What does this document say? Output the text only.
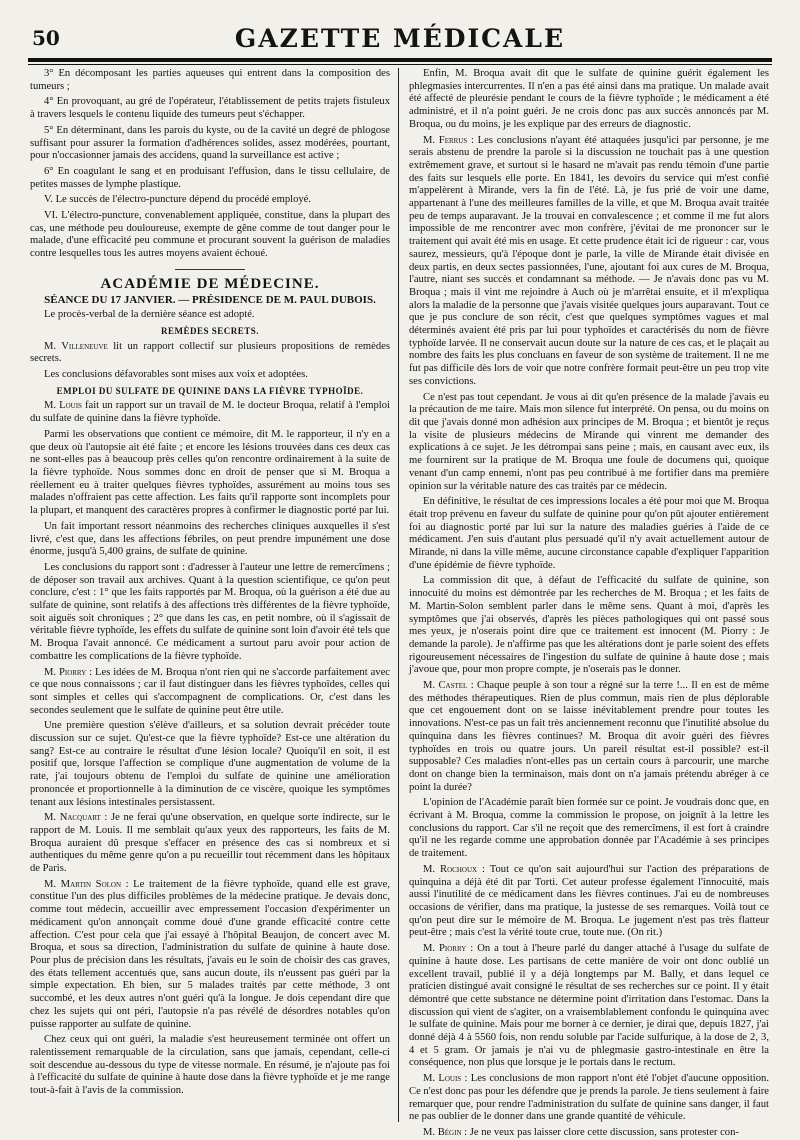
50	GAZETTE MÉDICALE

3° En décomposant les parties aqueuses qui entrent dans la composition des tumeurs ;

4° En provoquant, au gré de l'opérateur, l'établissement de petits trajets fistuleux à travers lesquels le contenu liquide des tumeurs peut s'échapper.

5° En déterminant, dans les parois du kyste, ou de la cavité un degré de phlogose suffisant pour assurer la formation d'adhérences solides, assez modérées, pourtant, pour n'occasionner jamais des accidens, quand la surveillance est active ;

6° En coagulant le sang et en produisant l'effusion, dans le tissu cellulaire, de petites masses de lymphe plastique.

V. Le succès de l'électro-puncture dépend du procédé employé.

VI. L'électro-puncture, convenablement appliquée, constitue, dans la plupart des cas, une méthode peu douloureuse, exempte de gêne comme de tout danger pour le malade, d'une efficacité peu commune et procurant souvent la guérison de maladies contre lesquelles tous les autres moyens avaient échoué.

ACADÉMIE DE MÉDECINE.

SÉANCE DU 17 JANVIER. — PRÉSIDENCE DE M. PAUL DUBOIS.

Le procès-verbal de la dernière séance est adopté.

REMÈDES SECRETS.

M. Villeneuve lit un rapport collectif sur plusieurs propositions de remèdes secrets.

Les conclusions défavorables sont mises aux voix et adoptées.

EMPLOI DU SULFATE DE QUININE DANS LA FIÈVRE TYPHOÏDE.

M. Louis fait un rapport sur un travail de M. le docteur Broqua, relatif à l'emploi du sulfate de quinine dans la fièvre typhoïde.

Parmi les observations que contient ce mémoire, dit M. le rapporteur, il n'y en a que deux où l'autopsie ait été faite ; et encore les lésions trouvées dans ces deux cas ne sont-elles pas à beaucoup près celles qu'on rencontre ordinairement à la suite de la fièvre typhoïde. Nous sommes donc en droit de penser que si M. Broqua a réellement eu à traiter quelques fièvres typhoïdes, assurément au moins tous ses malades n'offraient pas cette affection. Les faits qu'il rapporte sont incomplets pour la plupart, et manquent des caractères propres à confirmer le diagnostic porté par lui.

Un fait important ressort néanmoins des recherches cliniques auxquelles il s'est livré, c'est que, dans les affections fébriles, on peut prendre impunément une dose énorme, jusqu'à 5,400 grains, de sulfate de quinine.

Les conclusions du rapport sont : d'adresser à l'auteur une lettre de remercîmens ; de déposer son travail aux archives. Quant à la question scientifique, ce qu'on peut conclure, c'est : 1° que les faits rapportés par M. Broqua, où la guérison a été due au sulfate de quinine, sont relatifs à des affections très différentes de la fièvre typhoïde, soit aiguës soit chroniques ; 2° que dans les cas, en petit nombre, où il s'agissait de véritable fièvre typhoïde, les effets du sulfate de quinine sont loin d'avoir été tels que M. Broqua l'avait annoncé. Ce médicament a surtout paru avoir pour action de combattre les complications de la fièvre typhoïde.

M. Piorry : Les idées de M. Broqua n'ont rien qui ne s'accorde parfaitement avec ce que nous connaissons ; car il faut distinguer dans les fièvres typhoïdes, celles qui sont simples et celles qui s'accompagnent de complications. Or, c'est dans les secondes seulement que le sulfate de quinine peut être utile.

Une première question s'élève d'ailleurs, et sa solution devrait précéder toute discussion sur ce sujet. Qu'est-ce que la fièvre typhoïde? Est-ce une altération du sang? Est-ce au contraire le résultat d'une lésion locale? Quoiqu'il en soit, il est positif que, lorsque l'affection se complique d'une augmentation de volume de la rate, j'ai toujours obtenu de l'emploi du sulfate de quinine une amélioration prononcée et proportionnelle à la diminution de ce viscère, quoique les symptômes tenant aux lésions intestinales persistassent.

M. Nacquart : Je ne ferai qu'une observation, en quelque sorte indirecte, sur le rapport de M. Louis. Il me semblait qu'aux yeux des rapporteurs, les faits de M. Broqua auraient dû presque s'effacer en présence des cas si nombreux et si authentiques du même genre qu'on a pu recueillir tout récemment dans les hôpitaux de Paris.

M. Martin Solon : Le traitement de la fièvre typhoïde, quand elle est grave, constitue l'un des plus difficiles problèmes de la médecine pratique. Je devais donc, comme tout médecin, accueillir avec empressement l'occasion d'expérimenter un médicament qu'on annonçait comme doué d'une grande efficacité contre cette affection. C'est pour cela que j'ai essayé à l'hôpital Beaujon, de concert avec M. Broqua, et sous sa direction, l'administration du sulfate de quinine à haute dose. Pour plus de précision dans les résultats, j'avais eu le soin de choisir des cas graves, des états tellement accentués que, sans aucun doute, ils n'eussent pas guéri par la simple expectation. Eh bien, sur 5 malades traités par cette méthode, 3 ont succombé, et les deux autres n'ont guéri qu'à la longue. Je dois cependant dire que chez les sujets qui ont péri, l'autopsie n'a pas révélé de désordres notables qu'on puisse rapporter au sulfate de quinine.

Chez ceux qui ont guéri, la maladie s'est heureusement terminée ont offert un ralentissement remarquable de la circulation, sans que jamais, cependant, celle-ci soit descendue au-dessous du type de vitesse normale. En résumé, je n'ajoute pas foi à l'efficacité du sulfate de quinine à haute dose dans la fièvre typhoïde et je me range tout-à-fait à l'avis de la commission.

Enfin, M. Broqua avait dit que le sulfate de quinine guérit également les phlegmasies intercurrentes. Il n'en a pas été ainsi dans ma pratique. Un malade avait été affecté de pleurésie pendant le cours de la fièvre typhoïde ; le médicament a été administré, et il n'a point guéri. Je ne crois donc pas aux succès annoncés par M. Broqua, ou du moins, je les explique par des erreurs de diagnostic.

M. Ferrus : Les conclusions n'ayant été attaquées jusqu'ici par personne, je me serais abstenu de prendre la parole si la discussion ne touchait pas à une question extrêmement grave, et surtout si le hasard ne m'avait pas rendu témoin d'une partie des faits sur lesquels elle porte. En 1841, les devoirs du service qui m'est confié m'appelèrent à Mirande, vers la fin de l'été. Là, je fus prié de voir une dame, appartenant à l'une des meilleures familles de la ville, et que M. Broqua avait traitée peu de temps auparavant. Je la trouvai en convalescence ; et comme il me fut alors impossible de me rencontrer avec mon confrère, j'évitai de me prononcer sur le traitement qui avait été mis en usage. Et cette prudence était ici de rigueur : car, vous saurez, messieurs, qu'à l'époque dont je parle, la ville de Mirande était divisée en deux partis, en deux sectes passionnées, l'une, ajoutant foi aux cures de M. Broqua, l'autre, niant ses succès et condamnant sa méthode. — Je n'avais donc pas vu M. Broqua ; mais il vint me rejoindre à Auch où je m'arrêtai ensuite, et il m'expliqua alors la maladie de la personne que j'avais visitée quelques jours auparavant. Tout ce que je pus conclure de son récit, c'est que quelques symptômes vagues et mal déterminés avaient été pris par lui pour typhoïdes et caractérisés du nom de fièvre typhoïde larvée. Il ne conservait aucun doute sur la nature de ces cas, et le plaçait au nombre des faits les plus concluans en faveur de son système de traitement. Il ne me fut pas difficile dès lors de voir que notre confrère formait peut-être un peu trop vite ses convictions.

Ce n'est pas tout cependant. Je vous ai dit qu'en présence de la malade j'avais eu la précaution de me taire. Mais mon silence fut interprété. On pensa, ou du moins on dit que j'avais donné mon adhésion aux principes de M. Broqua ; et bientôt je reçus la visite de plusieurs médecins de Mirande qui vinrent me demander des explications à ce sujet. Je les détrompai sans peine ; mais, en causant avec eux, ils me fournirent sur la pratique de M. Broqua une foule de documens qui, quoique venant d'un camp ennemi, n'ont pas peu contribué à me fortifier dans ma première opinion sur la véritable nature des cas traités par ce médecin.

En définitive, le résultat de ces impressions locales a été pour moi que M. Broqua était trop prévenu en faveur du sulfate de quinine pour qu'on pût ajouter entièrement foi au diagnostic porté par lui sur la nature des maladies guéries à l'aide de ce médicament. J'en suis d'autant plus persuadé qu'il n'y avait actuellement autour de Mirande, ni dans la ville même, aucune circonstance capable d'expliquer l'apparition d'une épidémie de fièvre typhoïde.

La commission dit que, à défaut de l'efficacité du sulfate de quinine, son innocuité du moins est démontrée par les recherches de M. Broqua ; et les faits de M. Martin-Solon semblent parler dans le même sens. Quant à moi, d'après les symptômes que j'ai observés, d'après les pièces pathologiques qui ont passé sous mes yeux, je n'oserais point dire que ce traitement est innocent (M. Piorry : Je demande la parole). Je n'affirme pas que les altérations dont je parle soient des effets rigoureusement nécessaires de l'ingestion du sulfate de quinine à haute dose ; mais j'avoue que, pour mon propre compte, je n'oserais pas le donner.

M. Castel : Chaque peuple à son tour a régné sur la terre !... Il en est de même des méthodes thérapeutiques. Rien de plus commun, mais rien de plus déplorable que cet engouement dont on se laisse inévitablement prendre pour toutes les innovations. N'est-ce pas un fait très anciennement reconnu que l'inutilité absolue du quinquina dans les fièvres continues? M. Broqua dit avoir guéri des fièvres typhoïdes en trois ou quatre jours. Un pareil résultat est-il possible? est-il supposable? Ces maladies n'ont-elles pas un certain cours à parcourir, une marche dont on change bien la terminaison, mais dont on n'a jamais prétendu abréger à ce point la durée?

L'opinion de l'Académie paraît bien formée sur ce point. Je voudrais donc que, en écrivant à M. Broqua, comme la commission le propose, on joignît à la lettre les conclusions du rapport. Car s'il ne reçoit que des remercîmens, il est fort à craindre qu'il ne les regarde comme une approbation donnée par l'Académie à ses principes de traitement.

M. Rochoux : Tout ce qu'on sait aujourd'hui sur l'action des préparations de quinquina a déjà été dit par Torti. Cet auteur professe également l'innocuité, mais aussi l'inutilité de ce médicament dans les fièvres continues. J'ai eu de nombreuses occasions de vérifier, dans ma pratique, la justesse de ses remarques. Voilà tout ce qu'on peut dire sur le mémoire de M. Broqua. Le jugement n'est pas très flatteur peut-être ; mais c'est la vérité toute crue, toute nue. (On rit.)

M. Piorry : On a tout à l'heure parlé du danger attaché à l'usage du sulfate de quinine à haute dose. Les partisans de cette manière de voir ont donc oublié un excellent travail, publié il y a déjà longtemps par M. Bally, et dans lequel ce praticien distingué avait consigné le résultat de ses recherches sur ce point. Il y était démontré que cette substance ne détermine point d'irritation dans l'estomac. Dans la discussion qui vient de s'agiter, on a vraisemblablement confondu le quinquina avec le sulfate de quinine. Mais pour me borner à ce dernier, je dirai que, depuis 1827, j'ai donné déjà 4 à 5560 fois, non rendu soluble par l'acide sulfurique, à la dose de 2, 3, 4 et 5 gram. Or jamais je n'ai vu de phlegmasie gastro-intestinale en être la conséquence, non plus que lorsque je le portais dans le rectum.

M. Louis : Les conclusions de mon rapport n'ont été l'objet d'aucune opposition. Ce n'est donc pas pour les défendre que je prends la parole. Je tiens seulement à faire remarquer que, pour rendre l'administration du sulfate de quinine sans danger, il faut ne pas oublier de le donner dans une grande quantité de véhicule.

M. Bégin : Je ne veux pas laisser clore cette discussion, sans protester con-
